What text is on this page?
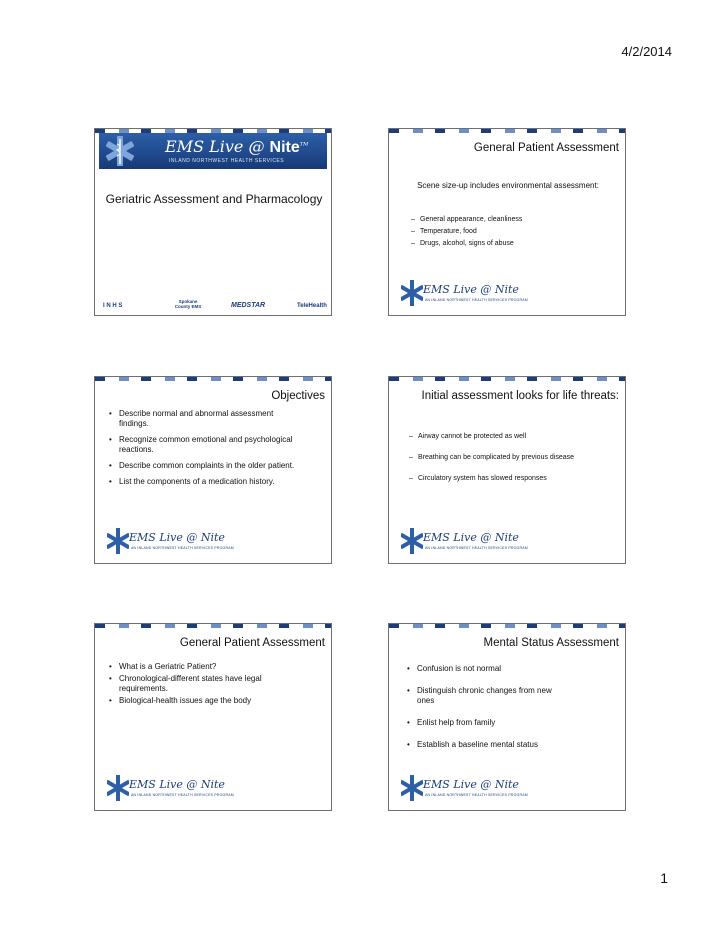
4/2/2014
EMS Live @ Nite™
INLAND NORTHWEST HEALTH SERVICES
Geriatric Assessment and Pharmacology
I N H S
Spokane County EMS	MEDSTAR	TeleHealth
General Patient Assessment
Scene size-up includes environmental assessment:
– General appearance, cleanliness
– Temperature, food
– Drugs, alcohol, signs of abuse
EMS Live @ Nite
AN INLAND NORTHWEST HEALTH SERVICES PROGRAM
Objectives
• Describe normal and abnormal assessment findings.
• Recognize common emotional and psychological reactions.
• Describe common complaints in the older patient.
• List the components of a medication history.
EMS Live @ Nite
AN INLAND NORTHWEST HEALTH SERVICES PROGRAM
Initial assessment looks for life threats:
– Airway cannot be protected as well
– Breathing can be complicated by previous disease
– Circulatory system has slowed responses
EMS Live @ Nite
AN INLAND NORTHWEST HEALTH SERVICES PROGRAM
General Patient Assessment
• What is a Geriatric Patient?
• Chronological-different states have legal requirements.
• Biological-health issues age the body
EMS Live @ Nite
AN INLAND NORTHWEST HEALTH SERVICES PROGRAM
Mental Status Assessment
• Confusion is not normal
• Distinguish chronic changes from new ones
• Enlist help from family
• Establish a baseline mental status
EMS Live @ Nite
AN INLAND NORTHWEST HEALTH SERVICES PROGRAM
1
